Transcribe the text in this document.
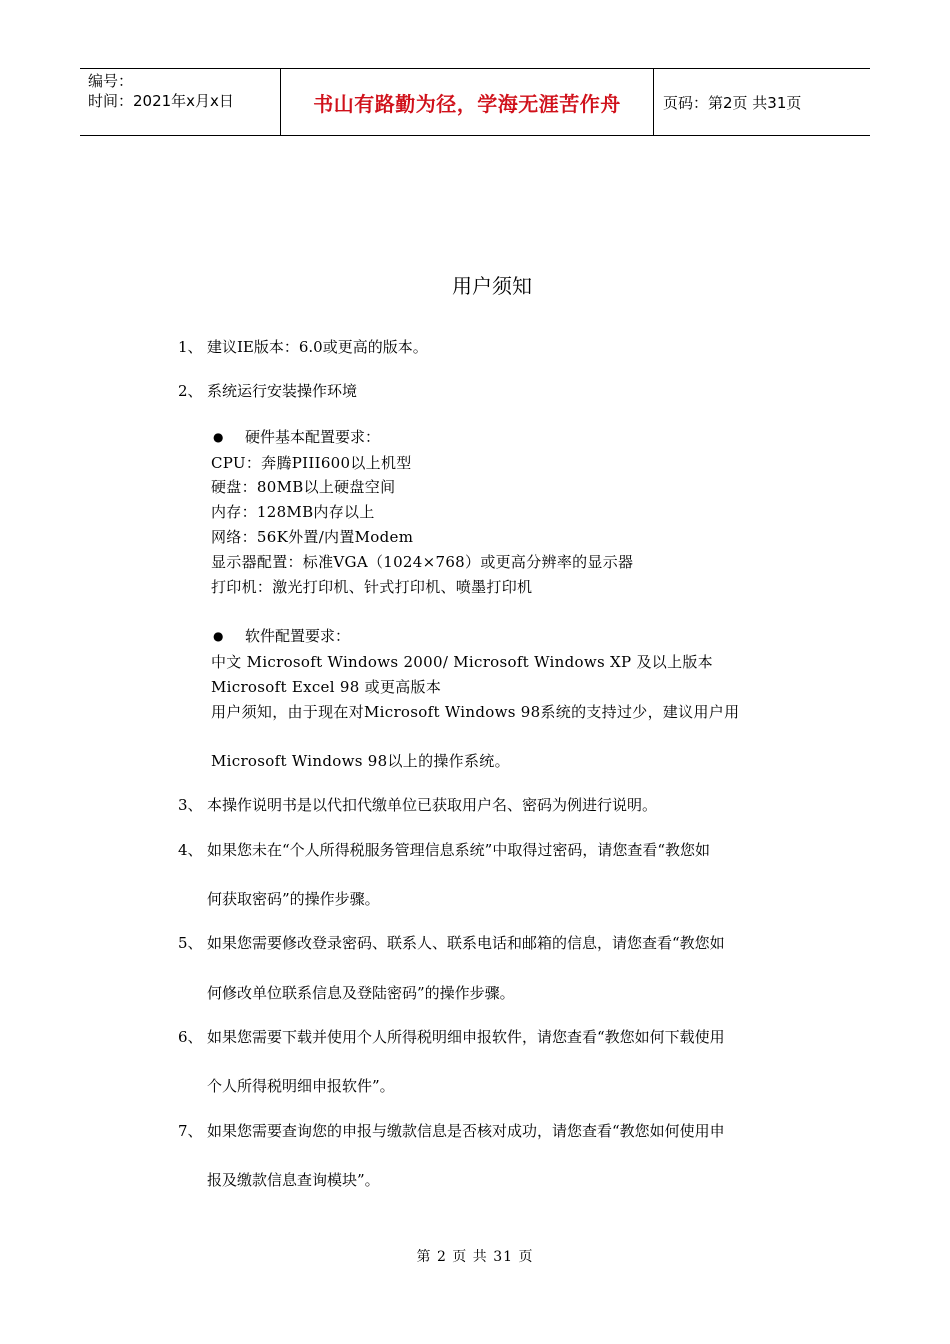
编号：
时间：2021年x月x日	书山有路勤为径，学海无涯苦作舟	页码：第2页 共31页
用户须知
1、 建议IE版本：6.0或更高的版本。
2、 系统运行安装操作环境
● 硬件基本配置要求：
CPU：奔腾PIII600以上机型
硬盘：80MB以上硬盘空间
内存：128MB内存以上
网络：56K外置/内置Modem
显示器配置：标准VGA（1024×768）或更高分辨率的显示器
打印机：激光打印机、针式打印机、喷墨打印机
● 软件配置要求：
中文 Microsoft Windows 2000/ Microsoft Windows XP 及以上版本
Microsoft Excel 98 或更高版本
用户须知，由于现在对Microsoft Windows 98系统的支持过少，建议用户用
Microsoft Windows 98以上的操作系统。
3、 本操作说明书是以代扣代缴单位已获取用户名、密码为例进行说明。
4、 如果您未在“个人所得税服务管理信息系统”中取得过密码，请您查看“教您如
何获取密码”的操作步骤。
5、 如果您需要修改登录密码、联系人、联系电话和邮箱的信息，请您查看“教您如
何修改单位联系信息及登陆密码”的操作步骤。
6、 如果您需要下载并使用个人所得税明细申报软件，请您查看“教您如何下载使用
个人所得税明细申报软件”。
7、 如果您需要查询您的申报与缴款信息是否核对成功，请您查看“教您如何使用申
报及缴款信息查询模块”。
第 2 页 共 31 页
